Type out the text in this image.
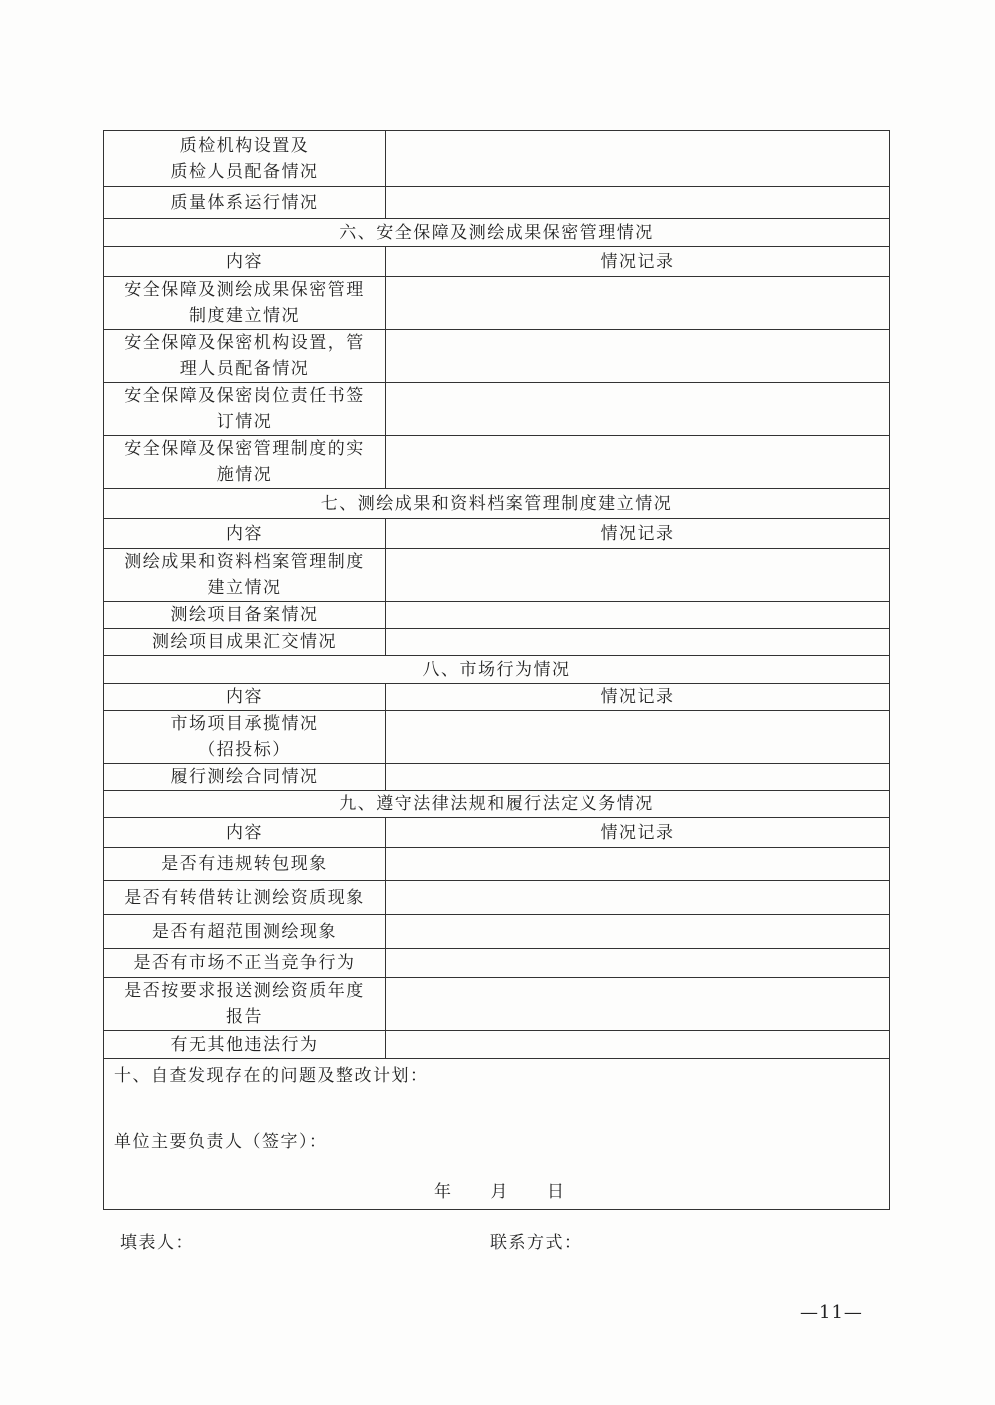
质检机构设置及
质检人员配备情况	
质量体系运行情况	
六、安全保障及测绘成果保密管理情况	
内容	情况记录
安全保障及测绘成果保密管理
制度建立情况	
安全保障及保密机构设置，管
理人员配备情况	
安全保障及保密岗位责任书签
订情况	
安全保障及保密管理制度的实
施情况	
七、测绘成果和资料档案管理制度建立情况	
内容	情况记录
测绘成果和资料档案管理制度
建立情况	
测绘项目备案情况	
测绘项目成果汇交情况	
八、市场行为情况	
内容	情况记录
市场项目承揽情况
（招投标）	
履行测绘合同情况	
九、遵守法律法规和履行法定义务情况	
内容	情况记录
是否有违规转包现象	
是否有转借转让测绘资质现象	
是否有超范围测绘现象	
是否有市场不正当竞争行为	
是否按要求报送测绘资质年度
报告	
有无其他违法行为	

十、自查发现存在的问题及整改计划：
单位主要负责人（签字）：
年 月 日	
填表人：	联系方式：
—11—
